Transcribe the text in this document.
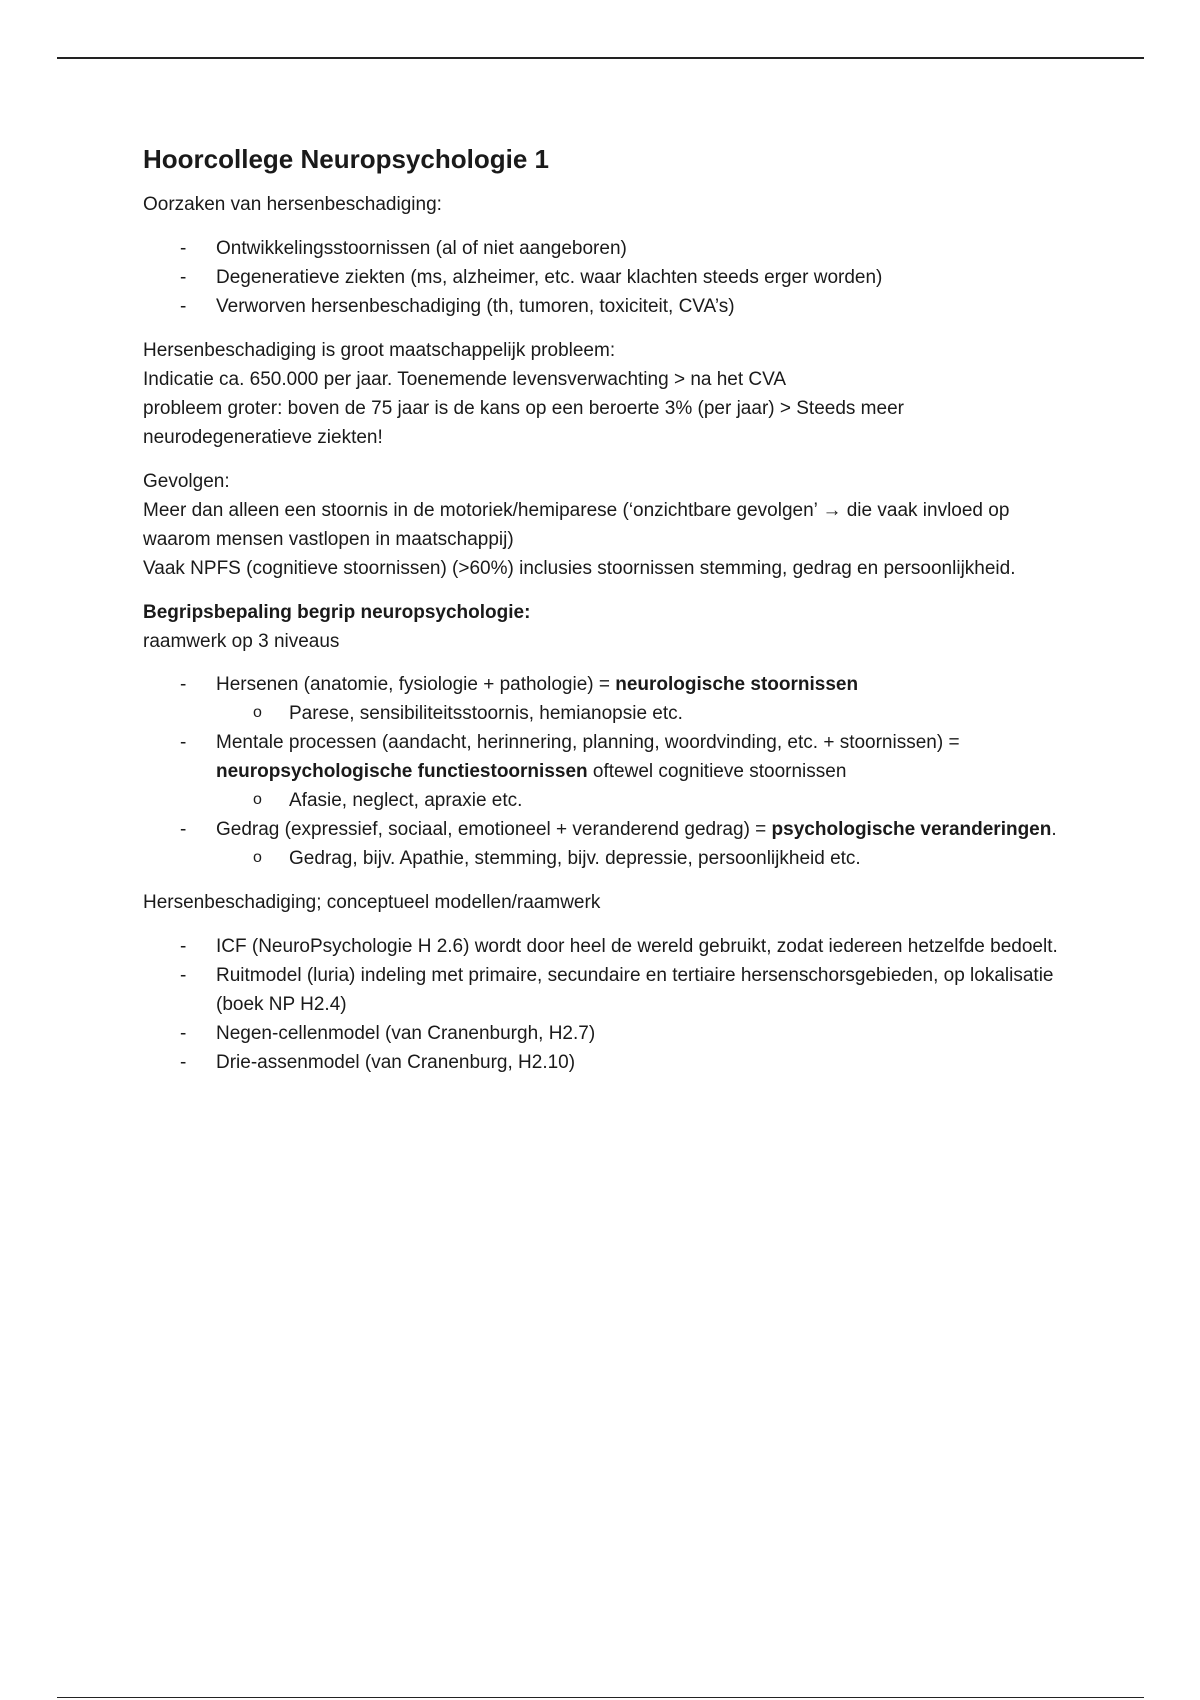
Hoorcollege Neuropsychologie 1

Oorzaken van hersenbeschadiging:

- Ontwikkelingsstoornissen (al of niet aangeboren)
- Degeneratieve ziekten (ms, alzheimer, etc. waar klachten steeds erger worden)
- Verworven hersenbeschadiging (th, tumoren, toxiciteit, CVA’s)

Hersenbeschadiging is groot maatschappelijk probleem:
Indicatie ca. 650.000 per jaar. Toenemende levensverwachting > na het CVA
probleem groter: boven de 75 jaar is de kans op een beroerte 3% (per jaar) > Steeds meer neurodegeneratieve ziekten!

Gevolgen:
Meer dan alleen een stoornis in de motoriek/hemiparese (‘onzichtbare gevolgen’ → die vaak invloed op waarom mensen vastlopen in maatschappij)
Vaak NPFS (cognitieve stoornissen) (>60%) inclusies stoornissen stemming, gedrag en persoonlijkheid.

Begripsbepaling begrip neuropsychologie:
raamwerk op 3 niveaus

- Hersenen (anatomie, fysiologie + pathologie) = neurologische stoornissen
o Parese, sensibiliteitsstoornis, hemianopsie etc.
- Mentale processen (aandacht, herinnering, planning, woordvinding, etc. + stoornissen) = neuropsychologische functiestoornissen oftewel cognitieve stoornissen
o Afasie, neglect, apraxie etc.
- Gedrag (expressief, sociaal, emotioneel + veranderend gedrag) = psychologische veranderingen.
o Gedrag, bijv. Apathie, stemming, bijv. depressie, persoonlijkheid etc.

Hersenbeschadiging; conceptueel modellen/raamwerk

- ICF (NeuroPsychologie H 2.6) wordt door heel de wereld gebruikt, zodat iedereen hetzelfde bedoelt.
- Ruitmodel (luria) indeling met primaire, secundaire en tertiaire hersenschorsgebieden, op lokalisatie (boek NP H2.4)
- Negen-cellenmodel (van Cranenburgh, H2.7)
- Drie-assenmodel (van Cranenburg, H2.10)
